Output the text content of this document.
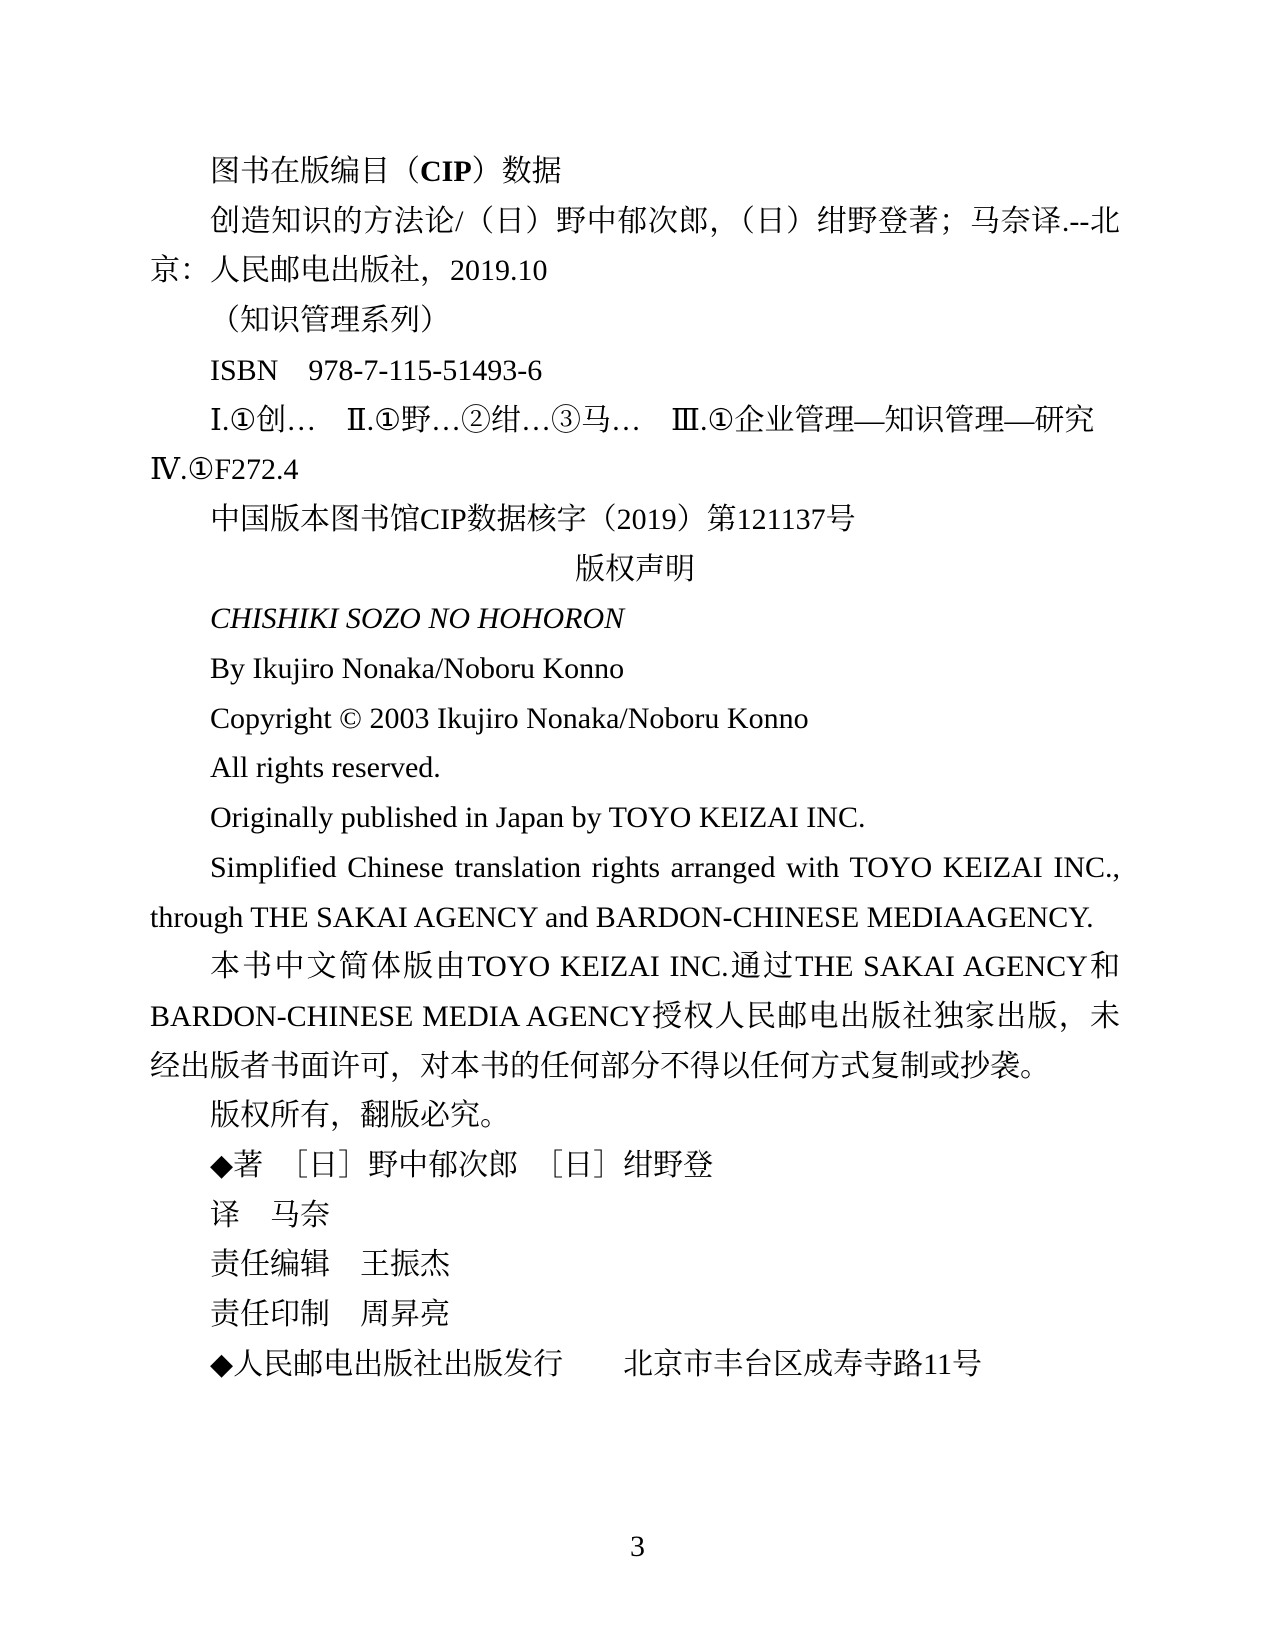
图书在版编目（CIP）数据

创造知识的方法论/（日）野中郁次郎，（日）绀野登著；马奈译.--北京：人民邮电出版社，2019.10

（知识管理系列）

ISBN　978-7-115-51493-6

Ⅰ.①创…　Ⅱ.①野…②绀…③马…　Ⅲ.①企业管理—知识管理—研究　Ⅳ.①F272.4

中国版本图书馆CIP数据核字（2019）第121137号

版权声明

CHISHIKI SOZO NO HOHORON

By Ikujiro Nonaka/Noboru Konno

Copyright © 2003 Ikujiro Nonaka/Noboru Konno

All rights reserved.

Originally published in Japan by TOYO KEIZAI INC.

Simplified Chinese translation rights arranged with TOYO KEIZAI INC., through THE SAKAI AGENCY and BARDON-CHINESE MEDIAAGENCY.

本书中文简体版由TOYO KEIZAI INC.通过THE SAKAI AGENCY和BARDON-CHINESE MEDIA AGENCY授权人民邮电出版社独家出版，未经出版者书面许可，对本书的任何部分不得以任何方式复制或抄袭。

版权所有，翻版必究。

◆著　［日］野中郁次郎　［日］绀野登

译　马奈

责任编辑　王振杰

责任印制　周昇亮

◆人民邮电出版社出版发行　　北京市丰台区成寿寺路11号

3
